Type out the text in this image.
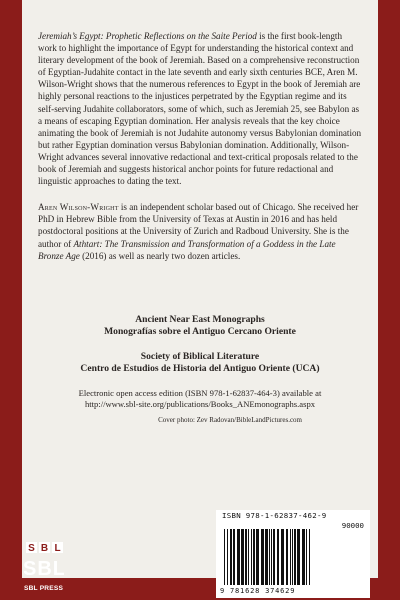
Jeremiah’s Egypt: Prophetic Reflections on the Saite Period is the first book-length work to highlight the importance of Egypt for understanding the historical context and literary development of the book of Jeremiah. Based on a comprehensive reconstruction of Egyptian-Judahite contact in the late seventh and early sixth centuries BCE, Aren M. Wilson-Wright shows that the numerous references to Egypt in the book of Jeremiah are highly personal reactions to the injustices perpetrated by the Egyptian regime and its self-serving Judahite collaborators, some of which, such as Jeremiah 25, see Babylon as a means of escaping Egyptian domination. Her analysis reveals that the key choice animating the book of Jeremiah is not Judahite autonomy versus Babylonian domination but rather Egyptian domination versus Babylonian domination. Additionally, Wilson-Wright advances several innovative redactional and text-critical proposals related to the book of Jeremiah and suggests historical anchor points for future redactional and linguistic approaches to dating the text.

Aren Wilson-Wright is an independent scholar based out of Chicago. She received her PhD in Hebrew Bible from the University of Texas at Austin in 2016 and has held postdoctoral positions at the University of Zurich and Radboud University. She is the author of Athtart: The Transmission and Transformation of a Goddess in the Late Bronze Age (2016) as well as nearly two dozen articles.

Ancient Near East Monographs
Monografías sobre el Antiguo Cercano Oriente
Society of Biblical Literature
Centro de Estudios de Historia del Antiguo Oriente (UCA)
Electronic open access edition (ISBN 978-1-62837-464-3) available at
http://www.sbl-site.org/publications/Books_ANEmonographs.aspx
Cover photo: Zev Radovan/BibleLandPictures.com
ISBN 978-1-62837-462-9
90000
9 781628 374629
S B L
SBL
SBL PRESS
